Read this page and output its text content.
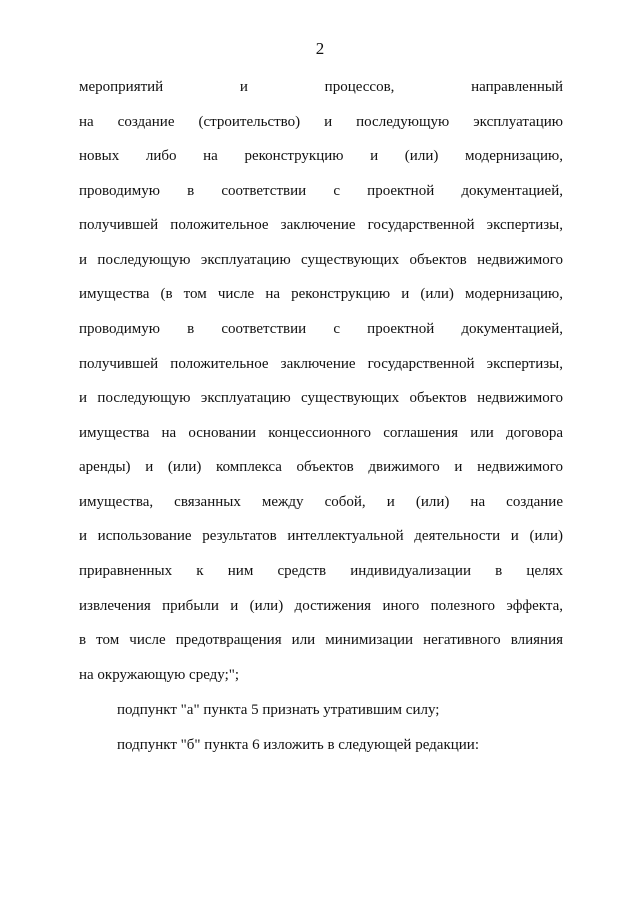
2
мероприятий и процессов, направленный
на создание (строительство) и последующую эксплуатацию
новых либо на реконструкцию и (или) модернизацию,
проводимую в соответствии с проектной документацией,
получившей положительное заключение государственной экспертизы,
и последующую эксплуатацию существующих объектов недвижимого
имущества (в том числе на реконструкцию и (или) модернизацию,
проводимую в соответствии с проектной документацией,
получившей положительное заключение государственной экспертизы,
и последующую эксплуатацию существующих объектов недвижимого
имущества на основании концессионного соглашения или договора
аренды) и (или) комплекса объектов движимого и недвижимого
имущества, связанных между собой, и (или) на создание
и использование результатов интеллектуальной деятельности и (или)
приравненных к ним средств индивидуализации в целях
извлечения прибыли и (или) достижения иного полезного эффекта,
в том числе предотвращения или минимизации негативного влияния
на окружающую среду;";
подпункт "а" пункта 5 признать утратившим силу;
подпункт "б" пункта 6 изложить в следующей редакции:
